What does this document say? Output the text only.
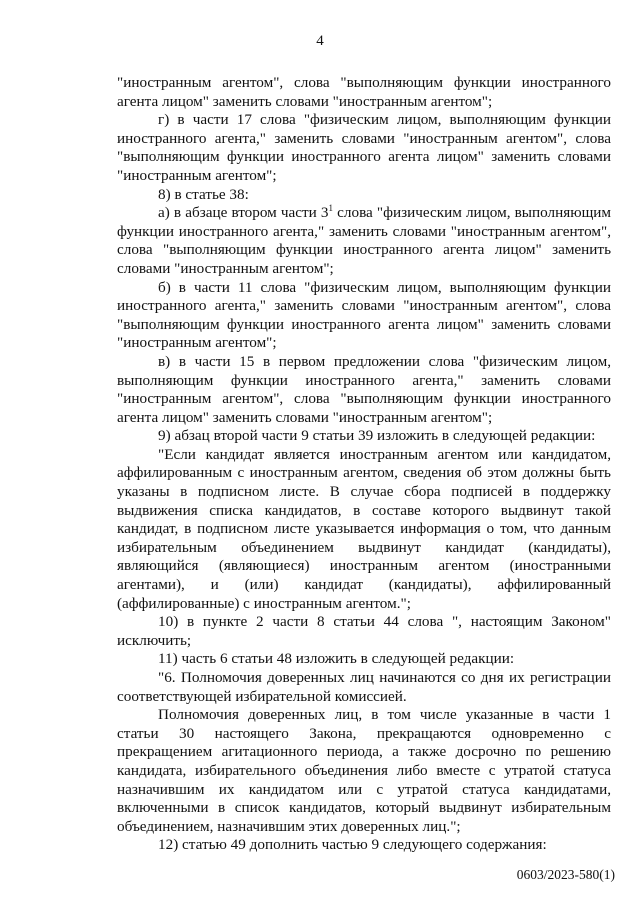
4
"иностранным агентом", слова "выполняющим функции иностранного
агента лицом" заменить словами "иностранным агентом";
г) в части 17 слова "физическим лицом, выполняющим функции
иностранного агента," заменить словами "иностранным агентом", слова
"выполняющим функции иностранного агента лицом" заменить словами
"иностранным агентом";
8) в статье 38:
а) в абзаце втором части $3^1$ слова "физическим лицом, выполняющим
функции иностранного агента," заменить словами "иностранным агентом",
слова "выполняющим функции иностранного агента лицом" заменить
словами "иностранным агентом";
б) в части 11 слова "физическим лицом, выполняющим функции
иностранного агента," заменить словами "иностранным агентом", слова
"выполняющим функции иностранного агента лицом" заменить словами
"иностранным агентом";
в) в части 15 в первом предложении слова "физическим лицом,
выполняющим функции иностранного агента," заменить словами
"иностранным агентом", слова "выполняющим функции иностранного
агента лицом" заменить словами "иностранным агентом";
9) абзац второй части 9 статьи 39 изложить в следующей редакции:
"Если кандидат является иностранным агентом или кандидатом,
аффилированным с иностранным агентом, сведения об этом должны быть
указаны в подписном листе. В случае сбора подписей в поддержку
выдвижения списка кандидатов, в составе которого выдвинут такой
кандидат, в подписном листе указывается информация о том, что данным
избирательным объединением выдвинут кандидат (кандидаты),
являющийся (являющиеся) иностранным агентом (иностранными
агентами), и (или) кандидат (кандидаты), аффилированный
(аффилированные) с иностранным агентом.";
10) в пункте 2 части 8 статьи 44 слова ", настоящим Законом"
исключить;
11) часть 6 статьи 48 изложить в следующей редакции:
"6. Полномочия доверенных лиц начинаются со дня их регистрации
соответствующей избирательной комиссией.
Полномочия доверенных лиц, в том числе указанные в части 1
статьи 30 настоящего Закона, прекращаются одновременно с
прекращением агитационного периода, а также досрочно по решению
кандидата, избирательного объединения либо вместе с утратой статуса
назначившим их кандидатом или с утратой статуса кандидатами,
включенными в список кандидатов, который выдвинут избирательным
объединением, назначившим этих доверенных лиц.";
12) статью 49 дополнить частью 9 следующего содержания:
0603/2023-580(1)
